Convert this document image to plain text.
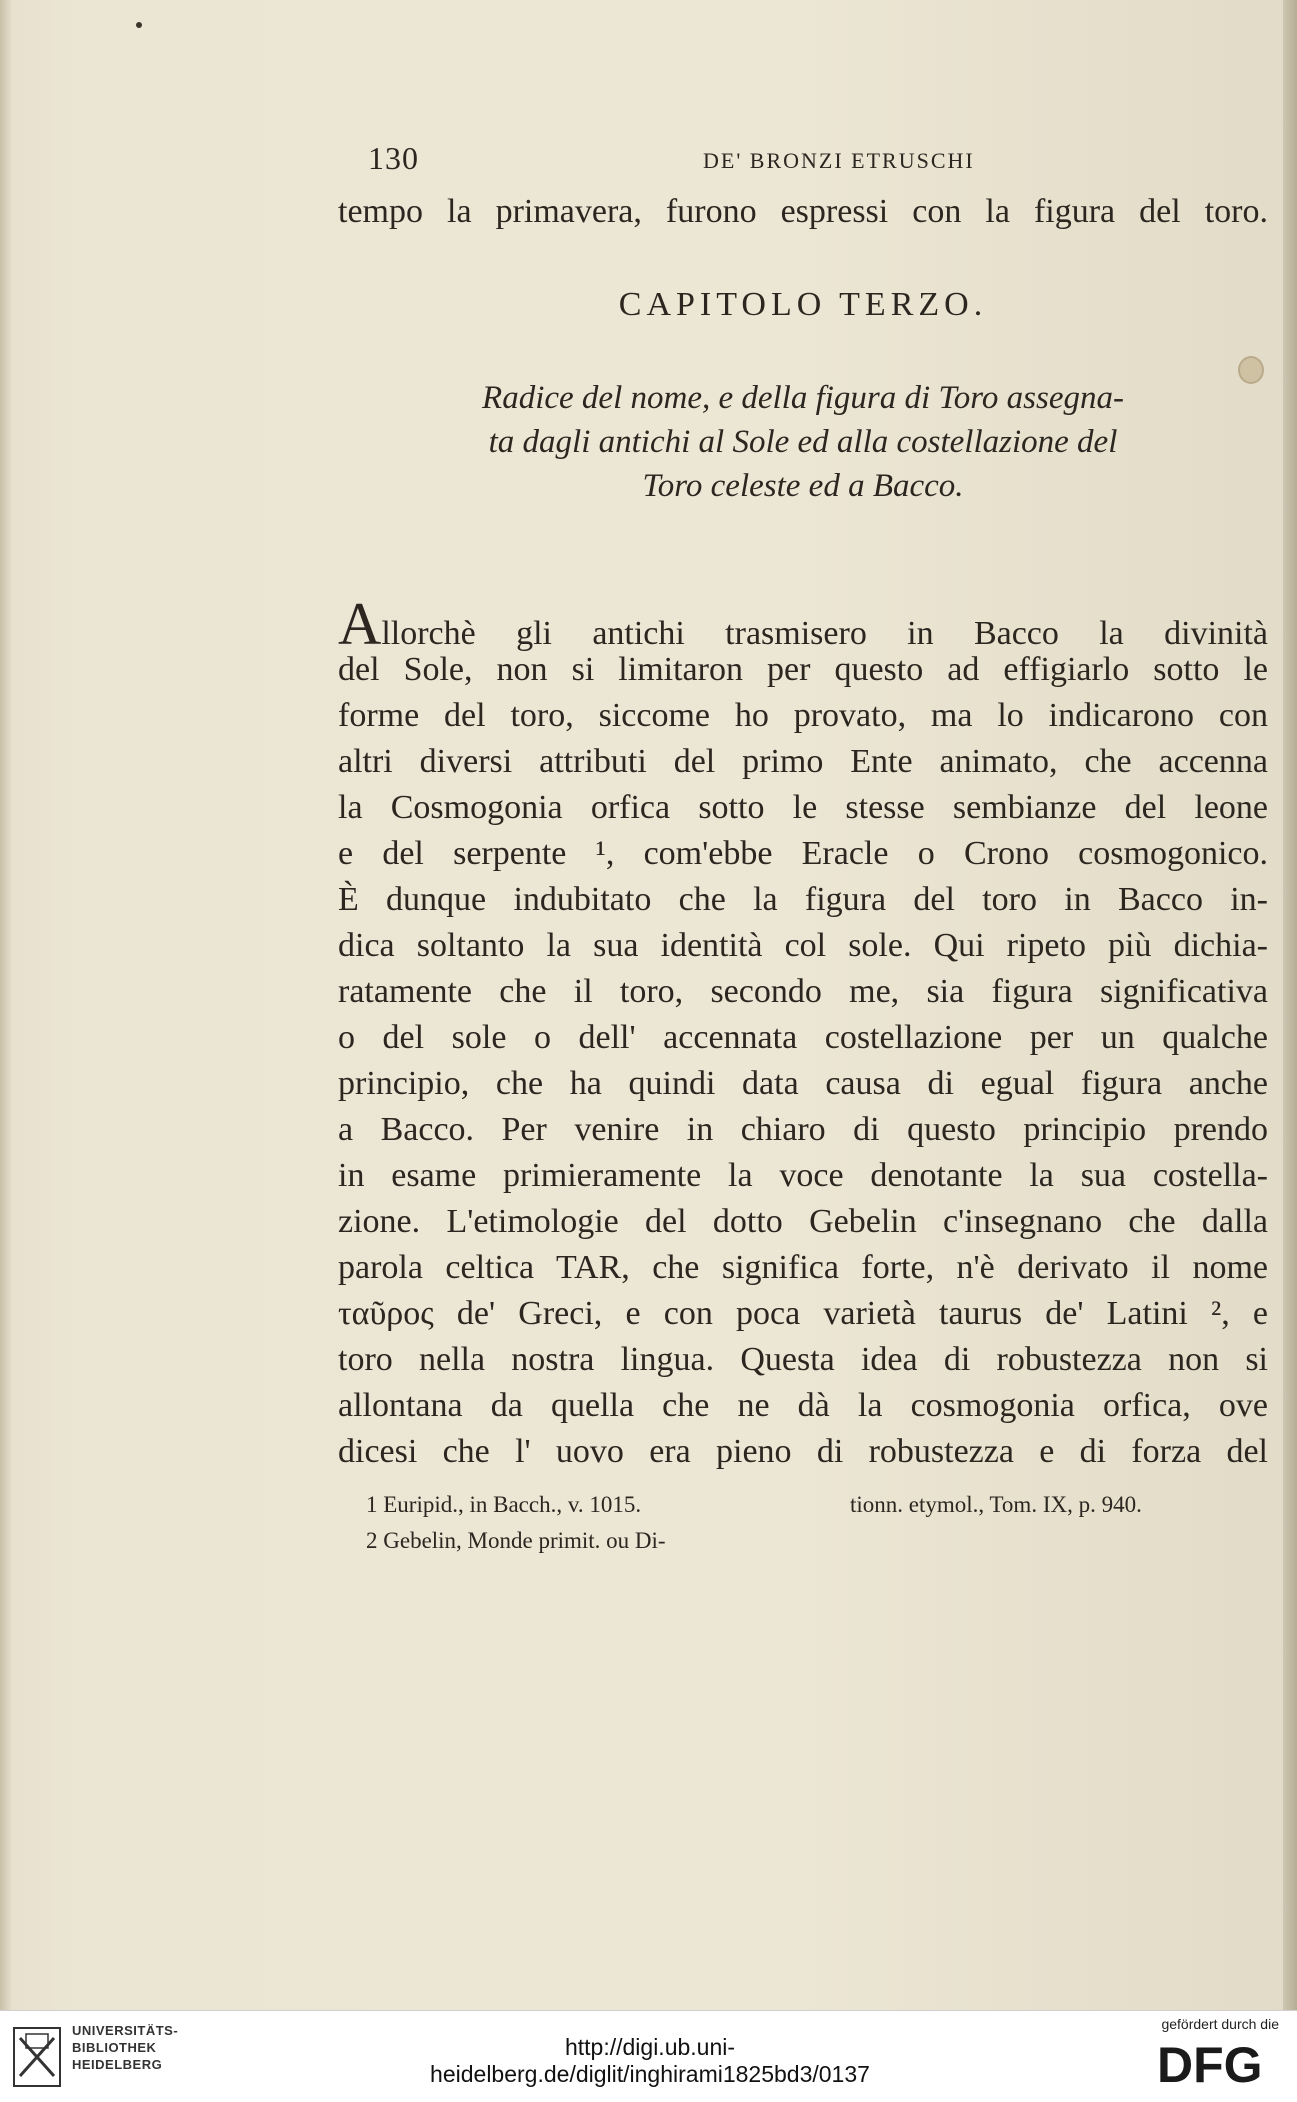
130	DE' BRONZI ETRUSCHI
tempo la primavera, furono espressi con la figura del toro.
CAPITOLO TERZO.
Radice del nome, e della figura di Toro assegna-
ta dagli antichi al Sole ed alla costellazione del
Toro celeste ed a Bacco.
Allorchè gli antichi trasmisero in Bacco la divinità
del Sole, non si limitaron per questo ad effigiarlo sotto le
forme del toro, siccome ho provato, ma lo indicarono con
altri diversi attributi del primo Ente animato, che accenna
la Cosmogonia orfica sotto le stesse sembianze del leone
e del serpente ¹, com'ebbe Eracle o Crono cosmogonico.
È dunque indubitato che la figura del toro in Bacco in-
dica soltanto la sua identità col sole. Qui ripeto più dichia-
ratamente che il toro, secondo me, sia figura significativa
o del sole o dell' accennata costellazione per un qualche
principio, che ha quindi data causa di egual figura anche
a Bacco. Per venire in chiaro di questo principio prendo
in esame primieramente la voce denotante la sua costella-
zione. L'etimologie del dotto Gebelin c'insegnano che dalla
parola celtica TAR, che significa forte, n'è derivato il nome
ταῦρος de' Greci, e con poca varietà taurus de' Latini ², e
toro nella nostra lingua. Questa idea di robustezza non si
allontana da quella che ne dà la cosmogonia orfica, ove
dicesi che l' uovo era pieno di robustezza e di forza del
1 Euripid., in Bacch., v. 1015.
2 Gebelin, Monde primit. ou Di-
tionn. etymol., Tom. IX, p. 940.
UNIVERSITÄTS-
BIBLIOTHEK
HEIDELBERG
http://digi.ub.uni-heidelberg.de/diglit/inghirami1825bd3/0137
gefördert durch die
DFG
